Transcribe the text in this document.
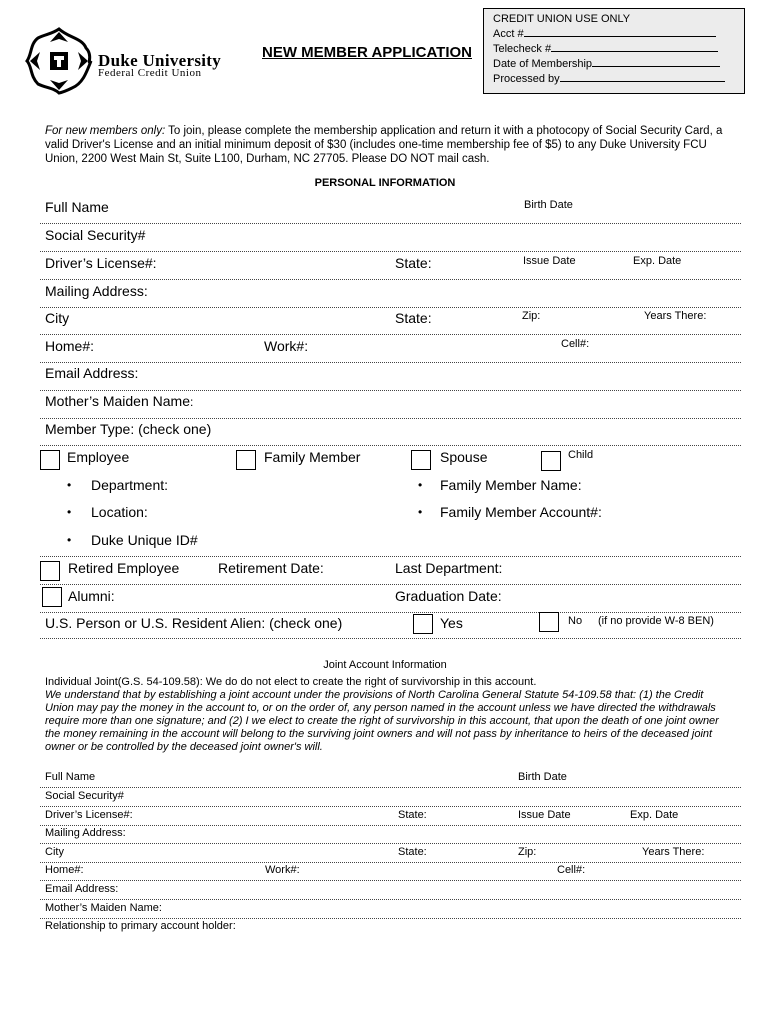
Duke University
Federal Credit Union
NEW MEMBER APPLICATION
CREDIT UNION USE ONLY
Acct #
Telecheck #
Date of Membership
Processed by
For new members only: To join, please complete the membership application and return it with a photocopy of Social Security Card, a valid Driver's License and an initial minimum deposit of $30 (includes one-time membership fee of $5) to any Duke University FCU Union, 2200 West Main St, Suite L100, Durham, NC 27705. Please DO NOT mail cash.
PERSONAL INFORMATION
Full Name	Birth Date
Social Security#
Driver’s License#:	State:	Issue Date	Exp. Date
Mailing Address:
City	State:	Zip:	Years There:
Home#:	Work#:	Cell#:
Email Address:
Mother’s Maiden Name:
Member Type: (check one)
Employee	Family Member	Spouse	Child
• Department:	• Family Member Name:
• Location:	• Family Member Account#:
• Duke Unique ID#
Retired Employee	Retirement Date:	Last Department:
Alumni:	Graduation Date:
U.S. Person or U.S. Resident Alien: (check one)	Yes	No (if no provide W-8 BEN)
Joint Account Information
Individual Joint(G.S. 54-109.58): We do do not elect to create the right of survivorship in this account.
We understand that by establishing a joint account under the provisions of North Carolina General Statute 54-109.58 that: (1) the Credit Union may pay the money in the account to, or on the order of, any person named in the account unless we have directed the withdrawals require more than one signature; and (2) I we elect to create the right of survivorship in this account, that upon the death of one joint owner the money remaining in the account will belong to the surviving joint owners and will not pass by inheritance to heirs of the deceased joint owner or be controlled by the deceased joint owner's will.
Full Name	Birth Date
Social Security#
Driver’s License#:	State:	Issue Date	Exp. Date
Mailing Address:
City	State:	Zip:	Years There:
Home#:	Work#:	Cell#:
Email Address:
Mother’s Maiden Name:
Relationship to primary account holder:
